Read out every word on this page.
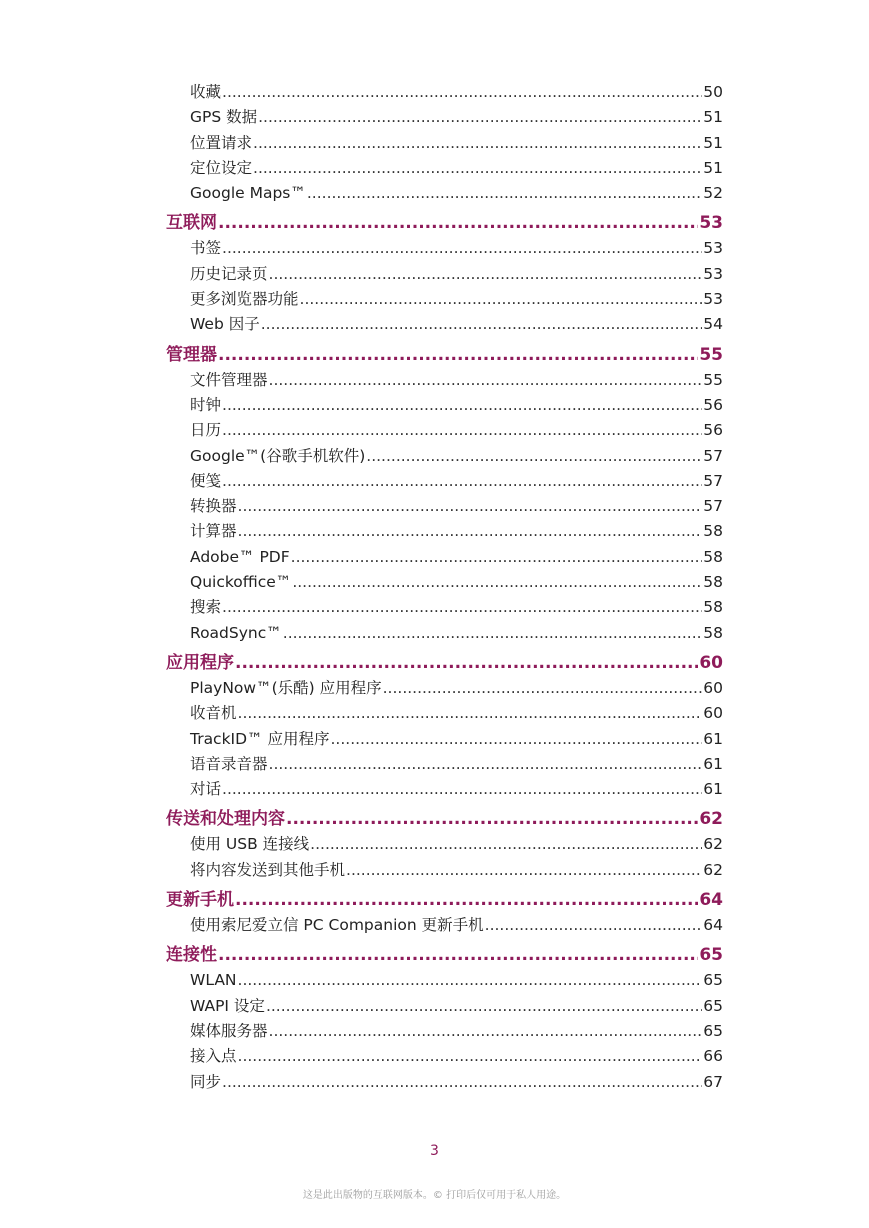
收藏 .....	50
GPS 数据 .....	51
位置请求 .....	51
定位设定 .....	51
Google Maps™ .....	52
互联网 .....	53
书签 .....	53
历史记录页 .....	53
更多浏览器功能 .....	53
Web 因子 .....	54
管理器 .....	55
文件管理器 .....	55
时钟 .....	56
日历 .....	56
Google™(谷歌手机软件) .....	57
便笺 .....	57
转换器 .....	57
计算器 .....	58
Adobe™ PDF .....	58
Quickoffice™ .....	58
搜索 .....	58
RoadSync™ .....	58
应用程序 .....	60
PlayNow™(乐酷) 应用程序 .....	60
收音机 .....	60
TrackID™ 应用程序 .....	61
语音录音器 .....	61
对话 .....	61
传送和处理内容 .....	62
使用 USB 连接线 .....	62
将内容发送到其他手机 .....	62
更新手机 .....	64
使用索尼爱立信 PC Companion 更新手机 .....	64
连接性 .....	65
WLAN .....	65
WAPI 设定 .....	65
媒体服务器 .....	65
接入点 .....	66
同步 .....	67
3
这是此出版物的互联网版本。© 打印后仅可用于私人用途。
